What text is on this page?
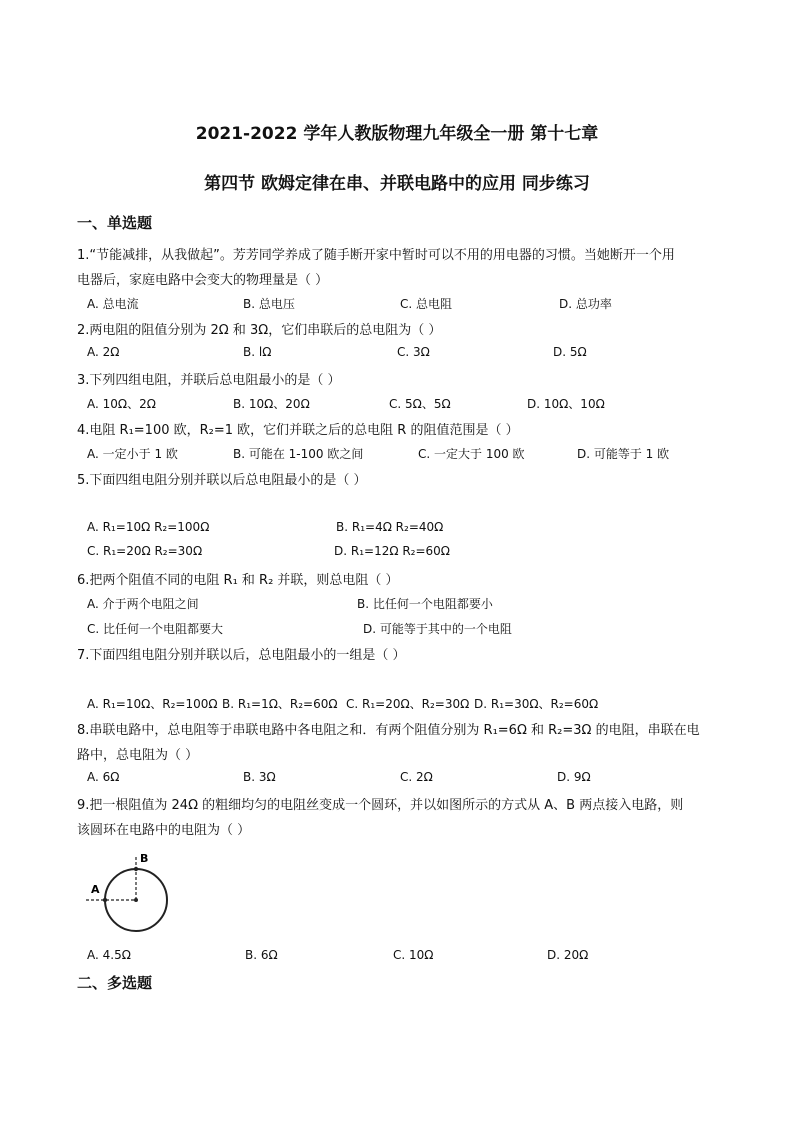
2021-2022 学年人教版物理九年级全一册 第十七章
第四节 欧姆定律在串、并联电路中的应用 同步练习
一、单选题
1.“节能减排，从我做起”。芳芳同学养成了随手断开家中暂时可以不用的用电器的习惯。当她断开一个用
电器后，家庭电路中会变大的物理量是（ ）
A. 总电流	B. 总电压	C. 总电阻	D. 总功率
2.两电阻的阻值分别为 2Ω 和 3Ω，它们串联后的总电阻为（ ）
A. 2Ω	B. lΩ	C. 3Ω	D. 5Ω
3.下列四组电阻，并联后总电阻最小的是（ ）
A. 10Ω、2Ω	B. 10Ω、20Ω	C. 5Ω、5Ω	D. 10Ω、10Ω
4.电阻 R₁=100 欧，R₂=1 欧，它们并联之后的总电阻 R 的阻值范围是（ ）
A. 一定小于 1 欧	B. 可能在 1-100 欧之间	C. 一定大于 100 欧	D. 可能等于 1 欧
5.下面四组电阻分别并联以后总电阻最小的是（ ）
A. R₁=10Ω R₂=100Ω	B. R₁=4Ω R₂=40Ω
C. R₁=20Ω R₂=30Ω	D. R₁=12Ω R₂=60Ω
6.把两个阻值不同的电阻 R₁ 和 R₂ 并联，则总电阻（ ）
A. 介于两个电阻之间	B. 比任何一个电阻都要小
C. 比任何一个电阻都要大	D. 可能等于其中的一个电阻
7.下面四组电阻分别并联以后，总电阻最小的一组是（ ）
A. R₁=10Ω、R₂=100Ω B. R₁=1Ω、R₂=60Ω C. R₁=20Ω、R₂=30Ω D. R₁=30Ω、R₂=60Ω
8.串联电路中，总电阻等于串联电路中各电阻之和．有两个阻值分别为 R₁=6Ω 和 R₂=3Ω 的电阻，串联在电
路中，总电阻为（ ）
A. 6Ω	B. 3Ω	C. 2Ω	D. 9Ω
9.把一根阻值为 24Ω 的粗细均匀的电阻丝变成一个圆环，并以如图所示的方式从 A、B 两点接入电路，则
该圆环在电路中的电阻为（ ）
A
B
A. 4.5Ω	B. 6Ω	C. 10Ω	D. 20Ω
二、多选题
